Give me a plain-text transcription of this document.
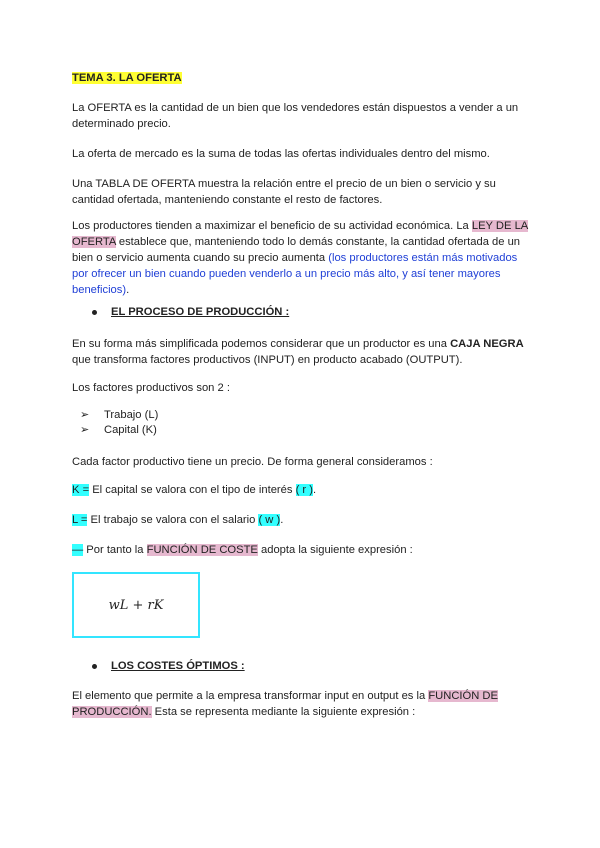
TEMA 3. LA OFERTA

La OFERTA es la cantidad de un bien que los vendedores están dispuestos a vender a un determinado precio.

La oferta de mercado es la suma de todas las ofertas individuales dentro del mismo.

Una TABLA DE OFERTA muestra la relación entre el precio de un bien o servicio y su cantidad ofertada, manteniendo constante el resto de factores.

Los productores tienden a maximizar el beneficio de su actividad económica. La LEY DE LA OFERTA establece que, manteniendo todo lo demás constante, la cantidad ofertada de un bien o servicio aumenta cuando su precio aumenta (los productores están más motivados por ofrecer un bien cuando pueden venderlo a un precio más alto, y así tener mayores beneficios).

EL PROCESO DE PRODUCCIÓN :

En su forma más simplificada podemos considerar que un productor es una CAJA NEGRA que transforma factores productivos (INPUT) en producto acabado (OUTPUT).

Los factores productivos son 2 :

➢	Trabajo (L)
➢	Capital (K)

Cada factor productivo tiene un precio. De forma general consideramos :

K = El capital se valora con el tipo de interés ( r ).

L = El trabajo se valora con el salario ( w ).

— Por tanto la FUNCIÓN DE COSTE adopta la siguiente expresión :

wL + rK
LOS COSTES ÓPTIMOS :

El elemento que permite a la empresa transformar input en output es la FUNCIÓN DE PRODUCCIÓN. Esta se representa mediante la siguiente expresión :
